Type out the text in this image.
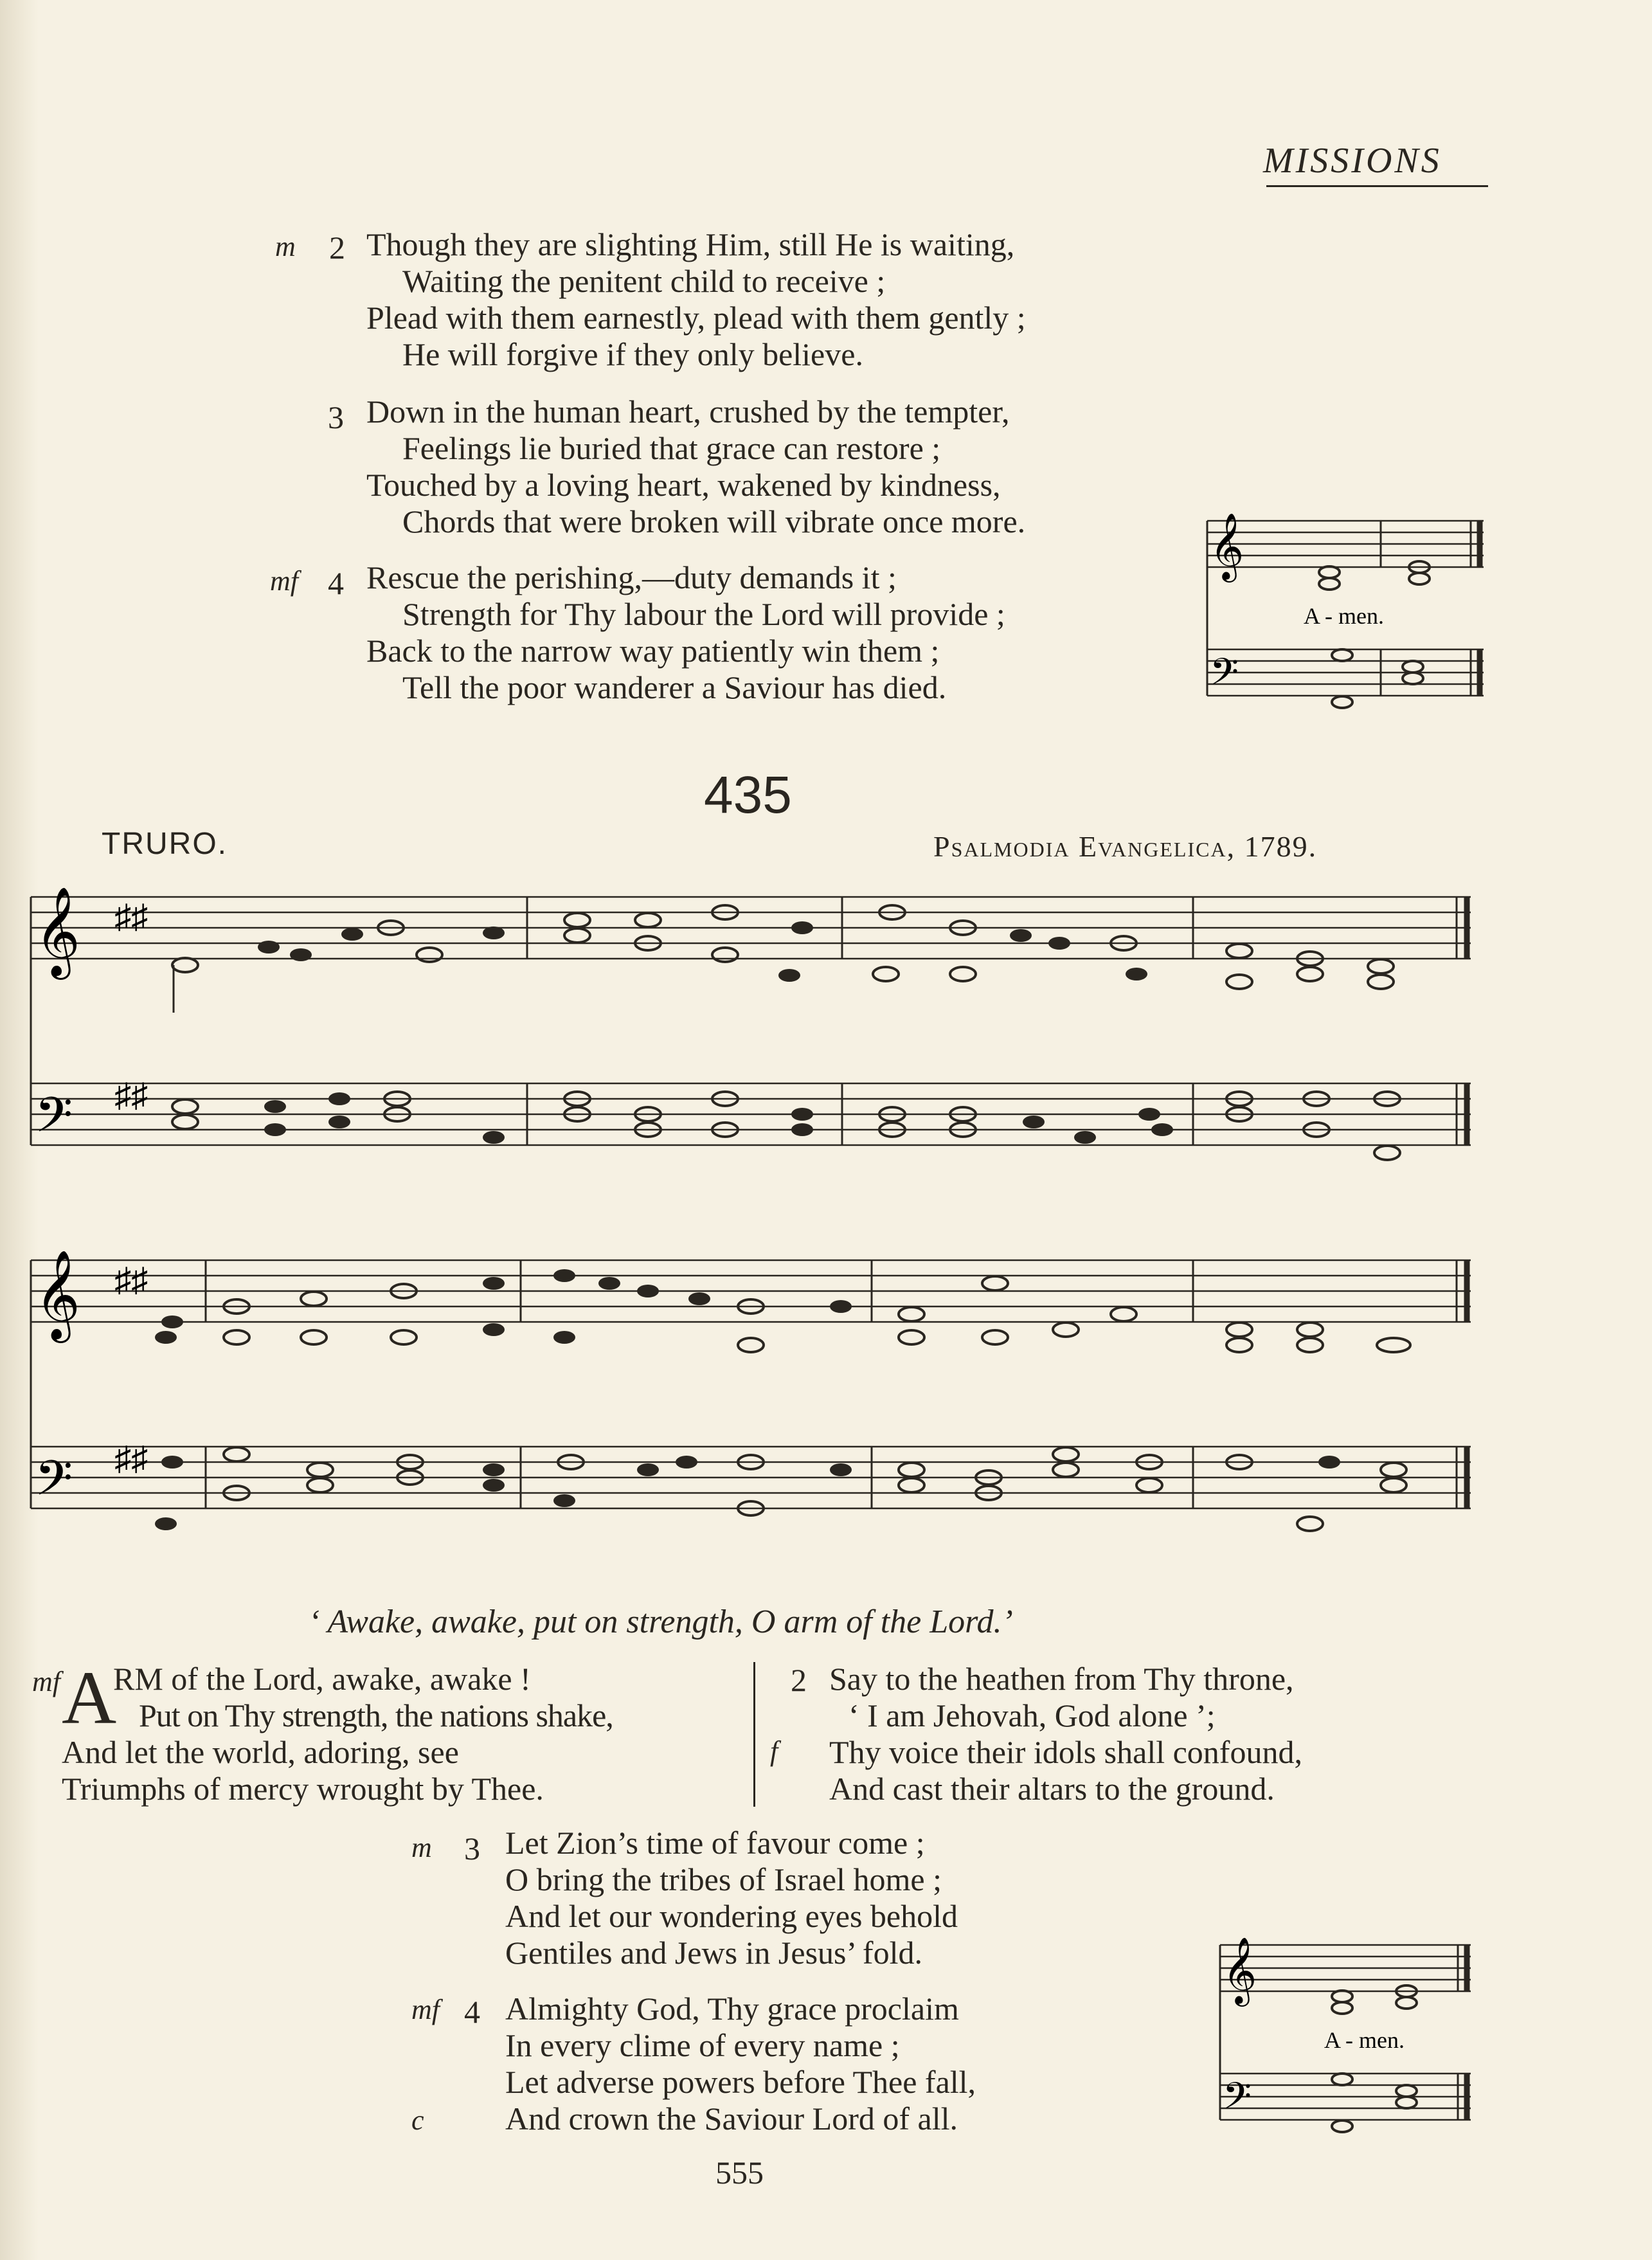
MISSIONS
m 2 Though they are slighting Him, still He is waiting,
Waiting the penitent child to receive ;
Plead with them earnestly, plead with them gently ;
He will forgive if they only believe.
3 Down in the human heart, crushed by the tempter,
Feelings lie buried that grace can restore ;
Touched by a loving heart, wakened by kindness,
Chords that were broken will vibrate once more.
mf 4 Rescue the perishing,—duty demands it ;
Strength for Thy labour the Lord will provide ;
Back to the narrow way patiently win them ;
Tell the poor wanderer a Saviour has died.
𝄞
𝄢
A - men.
435
TRURO.	Psalmodia Evangelica, 1789.
𝄞
𝄢
♯♯
♯♯
𝄞
𝄢
♯♯
♯♯
‘ Awake, awake, put on strength, O arm of the Lord.’
mf A
RM of the Lord, awake, awake !
Put on Thy strength, the nations shake,
And let the world, adoring, see
Triumphs of mercy wrought by Thee.
2
f
Say to the heathen from Thy throne,
‘ I am Jehovah, God alone ’;
Thy voice their idols shall confound,
And cast their altars to the ground.
m 3 Let Zion’s time of favour come ;
O bring the tribes of Israel home ;
And let our wondering eyes behold
Gentiles and Jews in Jesus’ fold.
mf 4
c
Almighty God, Thy grace proclaim
In every clime of every name ;
Let adverse powers before Thee fall,
And crown the Saviour Lord of all.
𝄞
𝄢
A - men.
555
